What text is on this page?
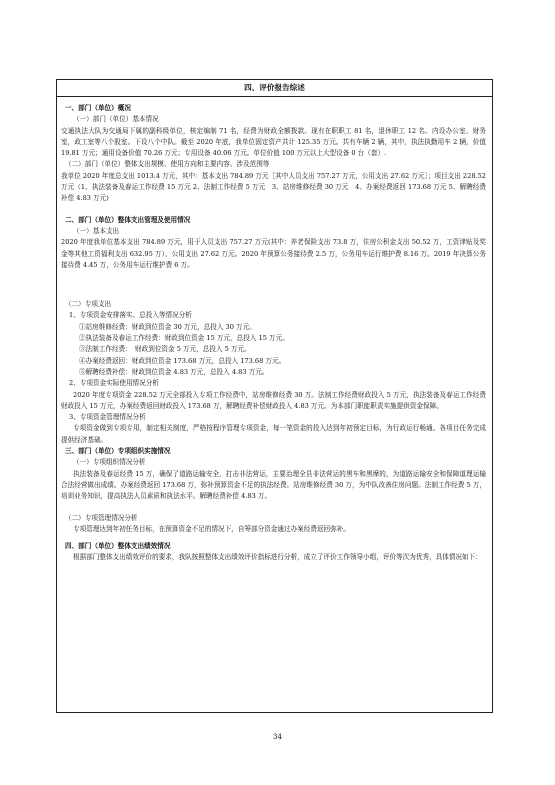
四、评价报告综述

一、部门（单位）概况

（一）部门（单位）基本情况

交通执法大队为交通局下属的副科级单位，核定编制 71 名，经费为财政全额拨款。现有在职职工 81 名，退休职工 12 名。内设办公室、财务室，政工室等八个股室。下设八个中队。截至 2020 年底，我单位固定资产共计 125.35 万元。共有车辆 2 辆，其中，执法执勤用车 2 辆，价值 19.81 万元；通用设备价值 70.26 万元；专用设备 40.06 万元。单位价值 100 万元以上大型设备 0 台（套）.

（二）部门（单位）整体支出规模、使用方向和主要内容、涉及范围等

我单位 2020 年度总支出 1013.4 万元，其中：基本支出 784.89 万元［其中人员支出 757.27 万元，公用支出 27.62 万元］；项目支出 228.52 万元（1、执法装备及春运工作经费 15 万元 2、法制工作经费 5 万元　3、站房维修经费 30 万元　4、办案经费返回 173.68 万元 5、解聘经费补偿 4.83 万元)

二、部门（单位）整体支出管理及使用情况

（一）基本支出

2020 年度我单位基本支出 784.89 万元，用于人员支出 757.27 万元(其中：养老保险支出 73.8 万，住房公积金支出 50.52 万，工资津贴及奖金等其他工资福利支出 632.95 万），公用支出 27.62 万元。2020 年预算公务接待费 2.5 万，公务用车运行维护费 8.16 万。2019 年决算公务接待费 4.45 万，公务用车运行维护费 6 万。

（二）专项支出

1、专项资金安排落实、总投入等情况分析

①站房维修经费：财政到位资金 30 万元，总投入 30 万元。

②执法装备及春运工作经费：财政到位资金 15 万元，总投入 15 万元。

③法制工作经费：　财政到位资金 5 万元，总投入 5 万元。

④办案经费返回：财政到位资金 173.68 万元，总投入 173.68 万元。

⑤解聘经费补偿：财政到位资金 4.83 万元，总投入 4.83 万元。

2、专项资金实际使用情况分析

2020 年度专项资金 228.52 万元全部投入专项工作经费中，站房维修经费 30 万。法制工作经费财政投入 5 万元，执法装备及春运工作经费财政投入 15 万元，办案经费返回财政投入 173.68 万，解聘经费补偿财政投入 4.83 万元。为本部门职能职责实施提供资金保障。

3、专项资金管理情况分析

专项资金做到专项专用，制定相关制度，严格按程序管理专项资金，每一笔资金的投入达到年初预定目标，为行政运行畅通、各项目任务完成提供经济基础。

三、部门（单位）专项组织实施情况

（一）专项组织情况分析

执法装备及春运经费 15 万，确保了道路运输安全，打击非法营运，主要治理全县非法营运的黑车和黑摩的，为道路运输安全和保障道理运输合法经营做出成绩。办案经费返回 173.68 万，弥补预算资金不足的执法经费。站房维修经费 30 万，为中队改善住房问题。法制工作经费 5 万，培训业务知识，提高执法人员素质和执法水平。解聘经费补偿 4.83 万。

（二）专项管理情况分析

专项管理达到年初任务目标，在预算资金不足的情况下，自筹部分资金通过办案经费返回弥补。

四、部门（单位）整体支出绩效情况

根据部门整体支出绩效评价的要求，我队按照整体支出绩效评价指标进行分析，成立了评价工作领导小组，评价等次为优秀，具体情况如下：

34
